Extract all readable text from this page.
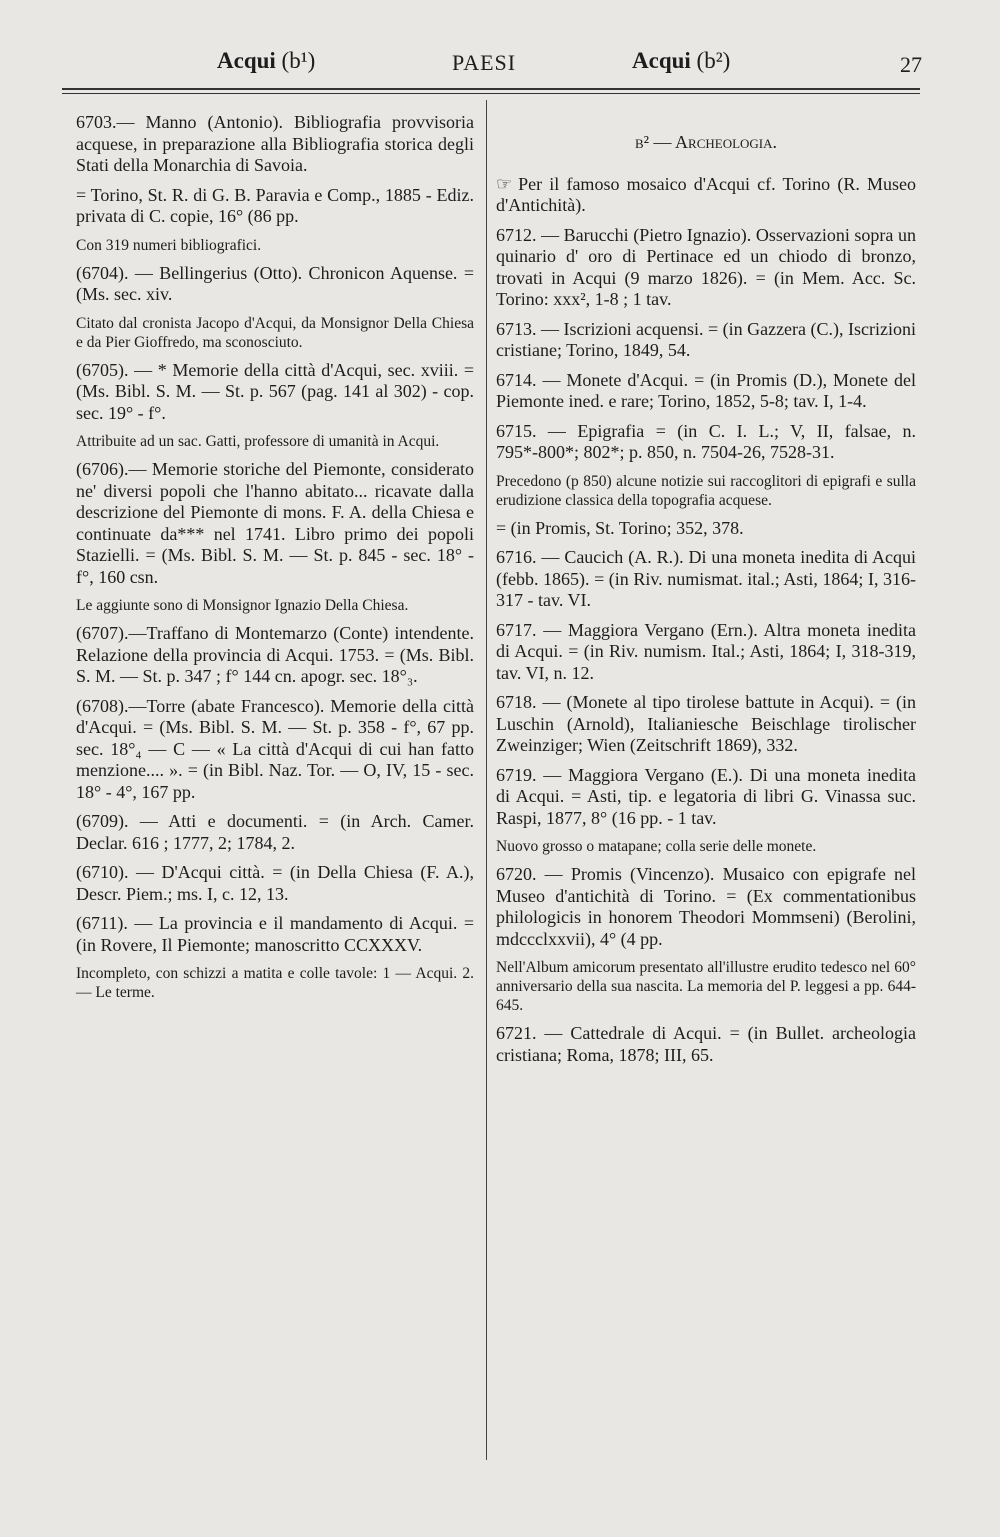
Acqui (b¹)	PAESI	Acqui (b²)	27

6703.— Manno (Antonio). Bibliografia provvisoria acquese, in preparazione alla Bibliografia storica degli Stati della Monarchia di Savoia.

= Torino, St. R. di G. B. Paravia e Comp., 1885 - Ediz. privata di C. copie, 16° (86 pp.

Con 319 numeri bibliografici.

(6704). — Bellingerius (Otto). Chronicon Aquense. = (Ms. sec. xiv.

Citato dal cronista Jacopo d'Acqui, da Monsignor Della Chiesa e da Pier Gioffredo, ma sconosciuto.

(6705). — * Memorie della città d'Acqui, sec. xviii. = (Ms. Bibl. S. M. — St. p. 567 (pag. 141 al 302) - cop. sec. 19° - f°.

Attribuite ad un sac. Gatti, professore di umanità in Acqui.

(6706).— Memorie storiche del Piemonte, considerato ne' diversi popoli che l'hanno abitato... ricavate dalla descrizione del Piemonte di mons. F. A. della Chiesa e continuate da*** nel 1741. Libro primo dei popoli Stazielli. = (Ms. Bibl. S. M. — St. p. 845 - sec. 18° - f°, 160 csn.

Le aggiunte sono di Monsignor Ignazio Della Chiesa.

(6707).—Traffano di Montemarzo (Conte) intendente. Relazione della provincia di Acqui. 1753. = (Ms. Bibl. S. M. — St. p. 347 ; f° 144 cn. apogr. sec. 18°₃.

(6708).—Torre (abate Francesco). Memorie della città d'Acqui. = (Ms. Bibl. S. M. — St. p. 358 - f°, 67 pp. sec. 18°₄ — C — « La città d'Acqui di cui han fatto menzione.... ». = (in Bibl. Naz. Tor. — O, IV, 15 - sec. 18° - 4°, 167 pp.

(6709). — Atti e documenti. = (in Arch. Camer. Declar. 616 ; 1777, 2; 1784, 2.

(6710). — D'Acqui città. = (in Della Chiesa (F. A.), Descr. Piem.; ms. I, c. 12, 13.

(6711). — La provincia e il mandamento di Acqui. = (in Rovere, Il Piemonte; manoscritto CCXXXV.

Incompleto, con schizzi a matita e colle tavole: 1 — Acqui. 2. — Le terme.

b² — Archeologia.

☞ Per il famoso mosaico d'Acqui cf. Torino (R. Museo d'Antichità).

6712. — Barucchi (Pietro Ignazio). Osservazioni sopra un quinario d' oro di Pertinace ed un chiodo di bronzo, trovati in Acqui (9 marzo 1826). = (in Mem. Acc. Sc. Torino: xxx², 1-8 ; 1 tav.

6713. — Iscrizioni acquensi. = (in Gazzera (C.), Iscrizioni cristiane; Torino, 1849, 54.

6714. — Monete d'Acqui. = (in Promis (D.), Monete del Piemonte ined. e rare; Torino, 1852, 5-8; tav. I, 1-4.

6715. — Epigrafia = (in C. I. L.; V, II, falsae, n. 795*-800*; 802*; p. 850, n. 7504-26, 7528-31.

Precedono (p 850) alcune notizie sui raccoglitori di epigrafi e sulla erudizione classica della topografia acquese.

= (in Promis, St. Torino; 352, 378.

6716. — Caucich (A. R.). Di una moneta inedita di Acqui (febb. 1865). = (in Riv. numismat. ital.; Asti, 1864; I, 316-317 - tav. VI.

6717. — Maggiora Vergano (Ern.). Altra moneta inedita di Acqui. = (in Riv. numism. Ital.; Asti, 1864; I, 318-319, tav. VI, n. 12.

6718. — (Monete al tipo tirolese battute in Acqui). = (in Luschin (Arnold), Italianiesche Beischlage tirolischer Zweinziger; Wien (Zeitschrift 1869), 332.

6719. — Maggiora Vergano (E.). Di una moneta inedita di Acqui. = Asti, tip. e legatoria di libri G. Vinassa suc. Raspi, 1877, 8° (16 pp. - 1 tav.

Nuovo grosso o matapane; colla serie delle monete.

6720. — Promis (Vincenzo). Musaico con epigrafe nel Museo d'antichità di Torino. = (Ex commentationibus philologicis in honorem Theodori Mommseni) (Berolini, mdccclxxvii), 4° (4 pp.

Nell'Album amicorum presentato all'illustre erudito tedesco nel 60° anniversario della sua nascita. La memoria del P. leggesi a pp. 644-645.

6721. — Cattedrale di Acqui. = (in Bullet. archeologia cristiana; Roma, 1878; III, 65.
